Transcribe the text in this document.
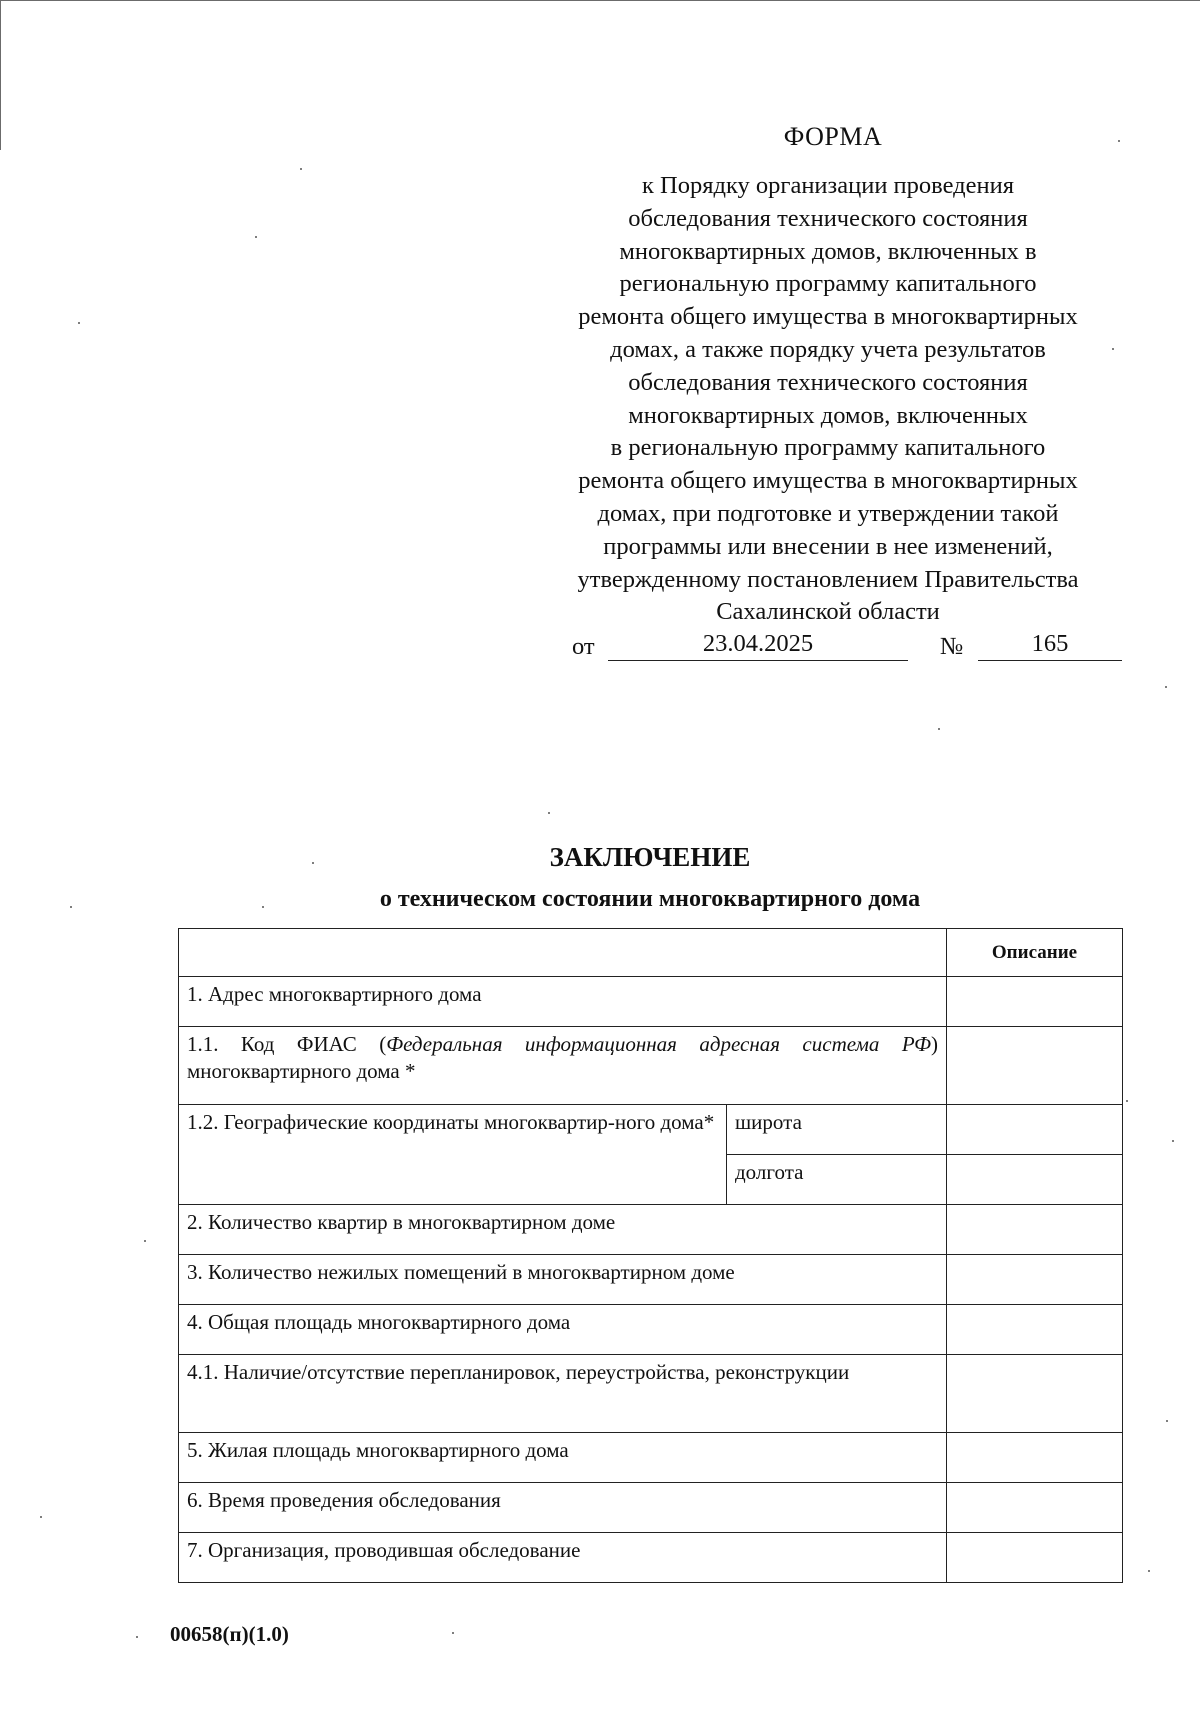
ФОРМА
к Порядку организации проведения
обследования технического состояния
многоквартирных домов, включенных в
региональную программу капитального
ремонта общего имущества в многоквартирных
домах, а также порядку учета результатов
обследования технического состояния
многоквартирных домов, включенных
в региональную программу капитального
ремонта общего имущества в многоквартирных
домах, при подготовке и утверждении такой
программы или внесении в нее изменений,
утвержденному постановлением Правительства
Сахалинской области
от	23.04.2025	№	165
ЗАКЛЮЧЕНИЕ
о техническом состоянии многоквартирного дома
		Описание
1. Адрес многоквартирного дома		
1.1. Код ФИАС (Федеральная информационная адресная система РФ) многоквартирного дома *		
1.2. Географические координаты многоквартир-ного дома*	широта	
	долгота	
2. Количество квартир в многоквартирном доме		
3. Количество нежилых помещений в многоквартирном доме		
4. Общая площадь многоквартирного дома		
4.1. Наличие/отсутствие перепланировок, переустройства, реконструкции		
5. Жилая площадь многоквартирного дома		
6. Время проведения обследования		
7. Организация, проводившая обследование		
00658(п)(1.0)
